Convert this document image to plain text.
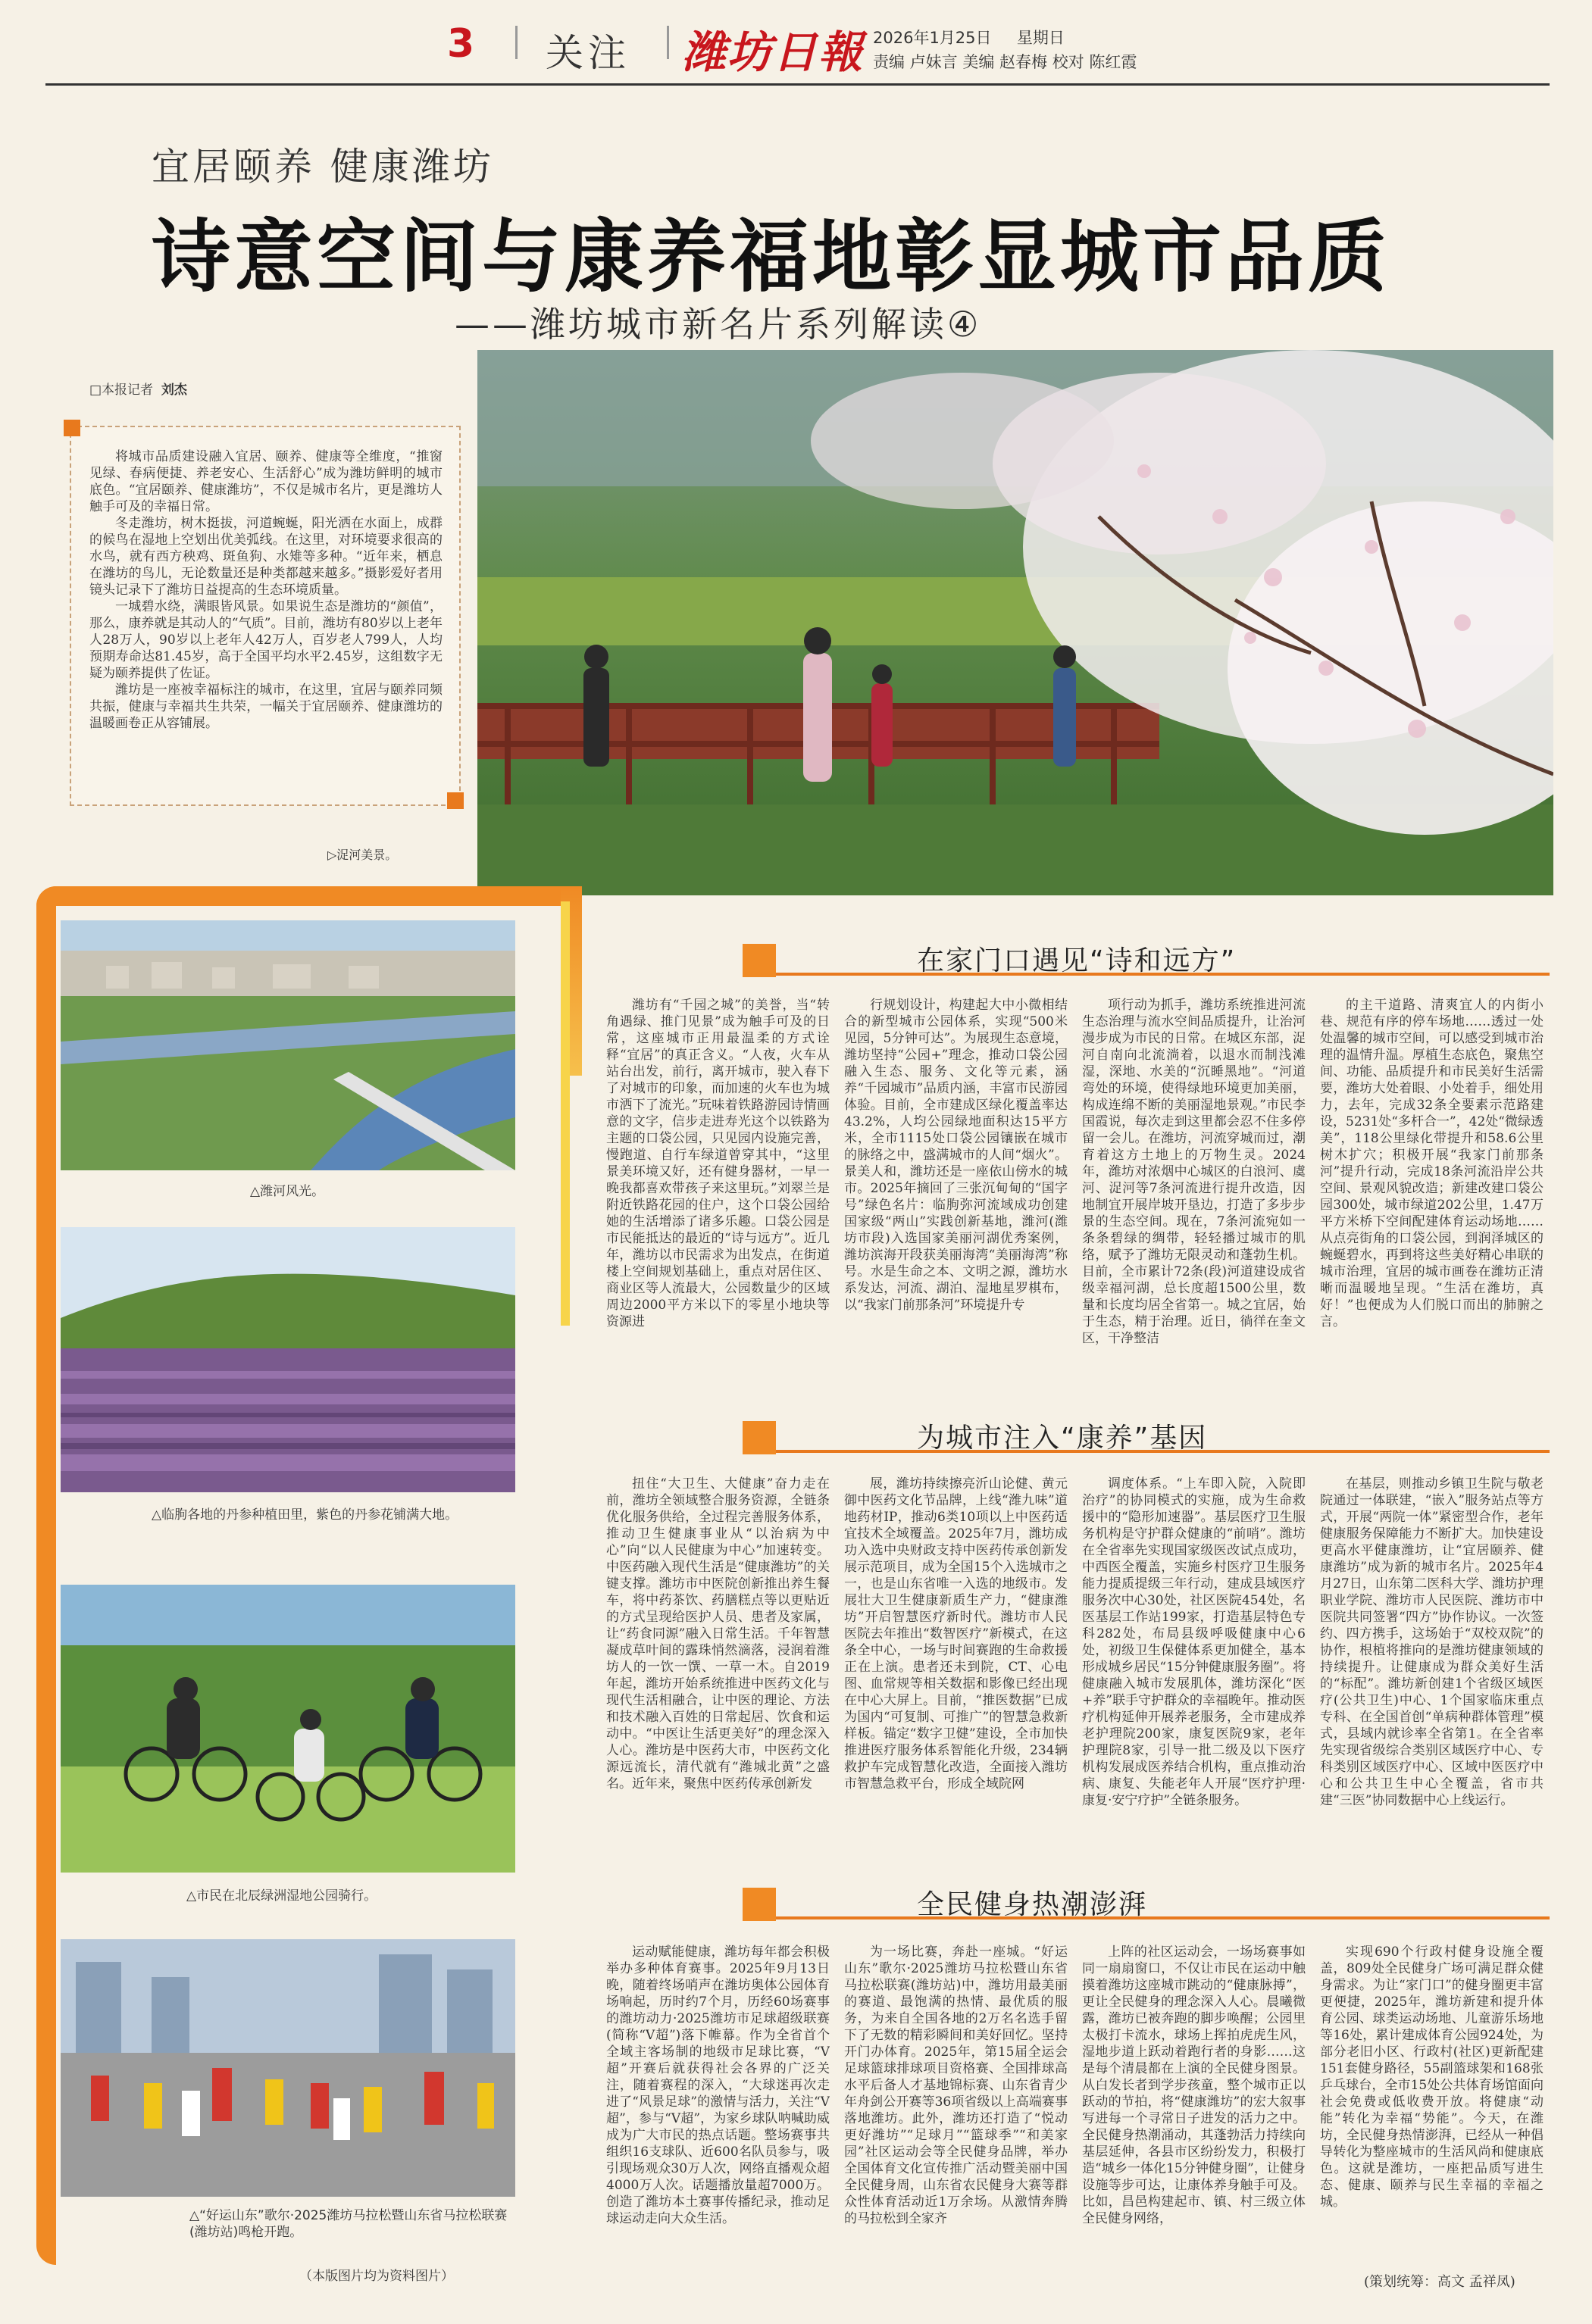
3 关注 潍坊日報 2026年1月25日 星期日
责编 卢妹言 美编 赵春梅 校对 陈红霞
宜居颐养 健康潍坊
诗意空间与康养福地彰显城市品质
——潍坊城市新名片系列解读④
□本报记者 刘杰

将城市品质建设融入宜居、颐养、健康等全维度，“推窗见绿、春病便捷、养老安心、生活舒心”成为潍坊鲜明的城市底色。“宜居颐养、健康潍坊”，不仅是城市名片，更是潍坊人触手可及的幸福日常。

冬走潍坊，树木挺拔，河道蜿蜒，阳光洒在水面上，成群的候鸟在湿地上空划出优美弧线。在这里，对环境要求很高的水鸟，就有西方秧鸡、斑鱼狗、水雉等多种。“近年来，栖息在潍坊的鸟儿，无论数量还是种类都越来越多。”摄影爱好者用镜头记录下了潍坊日益提高的生态环境质量。

一城碧水绕，满眼皆风景。如果说生态是潍坊的“颜值”，那么，康养就是其动人的“气质”。目前，潍坊有80岁以上老年人28万人，90岁以上老年人42万人，百岁老人799人，人均预期寿命达81.45岁，高于全国平均水平2.45岁，这组数字无疑为颐养提供了佐证。

潍坊是一座被幸福标注的城市，在这里，宜居与颐养同频共振，健康与幸福共生共荣，一幅关于宜居颐养、健康潍坊的温暖画卷正从容铺展。

▷浞河美景。
△潍河风光。
△临朐各地的丹参种植田里，紫色的丹参花铺满大地。
△市民在北辰绿洲湿地公园骑行。
△“好运山东”歌尔·2025潍坊马拉松暨山东省马拉松联赛(潍坊站)鸣枪开跑。
（本版图片均为资料图片）
在家门口遇见“诗和远方”

潍坊有“千园之城”的美誉，当“转角遇绿、推门见景”成为触手可及的日常，这座城市正用最温柔的方式诠释“宜居”的真正含义。“人夜，火车从站台出发，前行，离开城市，驶入春下了对城市的印象，而加速的火车也为城市洒下了流光。”玩味着铁路游园诗情画意的文字，信步走进寿光这个以铁路为主题的口袋公园，只见园内设施完善，慢跑道、自行车绿道曾穿其中，“这里景美环境又好，还有健身器材，一早一晚我都喜欢带孩子来这里玩。”刘翠兰是附近铁路花园的住户，这个口袋公园给她的生活增添了诸多乐趣。口袋公园是市民能抵达的最近的“诗与远方”。近几年，潍坊以市民需求为出发点，在街道楼上空间规划基础上，重点对居住区、商业区等人流最大，公园数量少的区域周边2000平方米以下的零星小地块等资源进

行规划设计，构建起大中小微相结合的新型城市公园体系，实现“500米见园，5分钟可达”。为展现生态意境，潍坊坚持“公园+”理念，推动口袋公园融入生态、服务、文化等元素，涵养“千园城市”品质内涵，丰富市民游园体验。目前，全市建成区绿化覆盖率达43.2%，人均公园绿地面积达15平方米，全市1115处口袋公园镶嵌在城市的脉络之中，盛满城市的人间“烟火”。景美人和，潍坊还是一座依山傍水的城市。2025年摘回了三张沉甸甸的“国字号”绿色名片：临朐弥河流域成功创建国家级“两山”实践创新基地，潍河(潍坊市段)入选国家美丽河湖优秀案例，潍坊滨海开段获美丽海湾“美丽海湾”称号。水是生命之本、文明之源，潍坊水系发达，河流、湖泊、湿地星罗棋布，以“我家门前那条河”环境提升专

项行动为抓手，潍坊系统推进河流生态治理与流水空间品质提升，让治河漫步成为市民的日常。在城区东部，浞河自南向北流淌着，以退水而制浅滩湿，深地、水美的“沉睡黑地”。“河道弯处的环境，使得绿地环境更加美丽，构成连绵不断的美丽湿地景观。”市民李国霞说，每次走到这里都会忍不住多停留一会儿。在潍坊，河流穿城而过，潮育着这方土地上的万物生灵。2024年，潍坊对浓烟中心城区的白浪河、虞河、浞河等7条河流进行提升改造，因地制宜开展岸坡开垦边，打造了多步步景的生态空间。现在，7条河流宛如一条条碧绿的绸带，轻轻播过城市的肌络，赋予了潍坊无限灵动和蓬勃生机。目前，全市累计72条(段)河道建设成省级幸福河湖，总长度超1500公里，数量和长度均居全省第一。城之宜居，始于生态，精于治理。近日，徜徉在奎文区，干净整洁

的主干道路、清爽宜人的内街小巷、规范有序的停车场地……透过一处处温馨的城市空间，可以感受到城市治理的温情升温。厚植生态底色，聚焦空间、功能、品质提升和市民美好生活需要，潍坊大处着眼、小处着手，细处用力，去年，完成32条全要素示范路建设，5231处“多杆合一”，42处“微绿透美”，118公里绿化带提升和58.6公里树木扩穴；积极开展“我家门前那条河”提升行动，完成18条河流沿岸公共空间、景观风貌改造；新建改建口袋公园300处，城市绿道202公里，1.47万平方米桥下空间配建体育运动场地……从点亮街角的口袋公园，到润泽城区的蜿蜒碧水，再到将这些美好精心串联的城市治理，宜居的城市画卷在潍坊正清晰而温暖地呈现。“生活在潍坊，真好！”也便成为人们脱口而出的肺腑之言。

为城市注入“康养”基因

扭住“大卫生、大健康”奋力走在前，潍坊全领域整合服务资源，全链条优化服务供给，全过程完善服务体系，推动卫生健康事业从“以治病为中心”向“以人民健康为中心”加速转变。中医药融入现代生活是“健康潍坊”的关键支撑。潍坊市中医院创新推出养生餐车，将中药茶饮、药膳糕点等以更贴近的方式呈现给医护人员、患者及家属，让“药食同源”融入日常生活。千年智慧凝成草叶间的露珠悄然滴落，浸润着潍坊人的一饮一馔、一草一木。自2019年起，潍坊开始系统推进中医药文化与现代生活相融合，让中医的理论、方法和技术融入百姓的日常起居、饮食和运动中。“中医让生活更美好”的理念深入人心。潍坊是中医药大市，中医药文化源远流长，清代就有“潍城北黄”之盛名。近年来，聚焦中医药传承创新发

展，潍坊持续擦亮沂山论健、黄元御中医药文化节品牌，上线“潍九味”道地药材IP，推动6类10项以上中医药适宜技术全域覆盖。2025年7月，潍坊成功入选中央财政支持中医药传承创新发展示范项目，成为全国15个入选城市之一，也是山东省唯一入选的地级市。发展壮大卫生健康新质生产力，“健康潍坊”开启智慧医疗新时代。潍坊市人民医院去年推出“数智医疗”新模式，在这条全中心，一场与时间赛跑的生命救援正在上演。患者还未到院，CT、心电图、血常规等相关数据和影像已经出现在中心大屏上。目前，“推医数据”已成为国内“可复制、可推广”的智慧急救新样板。锚定“数字卫健”建设，全市加快推进医疗服务体系智能化升级，234辆救护车完成智慧化改造，全面接入潍坊市智慧急救平台，形成全域院网

调度体系。“上车即入院，入院即治疗”的协同模式的实施，成为生命救援中的“隐形加速器”。基层医疗卫生服务机构是守护群众健康的“前哨”。潍坊在全省率先实现国家级医改试点成功，中西医全覆盖，实施乡村医疗卫生服务能力提质提级三年行动，建成县域医疗服务次中心30处，社区医院454处，名医基层工作站199家，打造基层特色专科282处，布局县级呼吸健康中心6处，初级卫生保健体系更加健全，基本形成城乡居民“15分钟健康服务圈”。将健康融入城市发展肌体，潍坊深化“医+养”联手守护群众的幸福晚年。推动医疗机构延伸开展养老服务，全市建成养老护理院200家，康复医院9家，老年护理院8家，引导一批二级及以下医疗机构发展成医养结合机构，重点推动治病、康复、失能老年人开展“医疗护理·康复·安宁疗护”全链条服务。

在基层，则推动乡镇卫生院与敬老院通过一体联建，“嵌入”服务站点等方式，开展“两院一体”紧密型合作，老年健康服务保障能力不断扩大。加快建设更高水平健康潍坊，让“宜居颐养、健康潍坊”成为新的城市名片。2025年4月27日，山东第二医科大学、潍坊护理职业学院、潍坊市人民医院、潍坊市中医院共同签署“四方”协作协议。一次签约、四方携手，这场始于“双校双院”的协作，根植将推向的是潍坊健康领域的持续提升。让健康成为群众美好生活的“标配”。潍坊新创建1个省级区域医疗(公共卫生)中心、1个国家临床重点专科、在全国首创“单病种群体管理”模式，县域内就诊率全省第1。在全省率先实现省级综合类别区域医疗中心、专科类别区域医疗中心、区域中医医疗中心和公共卫生中心全覆盖，省市共建“三医”协同数据中心上线运行。

全民健身热潮澎湃

运动赋能健康，潍坊每年都会积极举办多种体育赛事。2025年9月13日晚，随着终场哨声在潍坊奥体公园体育场响起，历时约7个月，历经60场赛事的潍坊动力·2025潍坊市足球超级联赛(简称“V超”)落下帷幕。作为全省首个全域主客场制的地级市足球比赛，“V超”开赛后就获得社会各界的广泛关注，随着赛程的深入，“大球迷再次走进了“风景足球”的激情与活力，关注“V超”，参与“V超”，为家乡球队呐喊助威成为广大市民的热点话题。整场赛事共组织16支球队、近600名队员参与，吸引现场观众30万人次，网络直播观众超4000万人次。话题播放量超7000万。创造了潍坊本土赛事传播纪录，推动足球运动走向大众生活。

为一场比赛，奔赴一座城。“好运山东”歌尔·2025潍坊马拉松暨山东省马拉松联赛(潍坊站)中，潍坊用最美丽的赛道、最饱满的热情、最优质的服务，为来自全国各地的2万名名选手留下了无数的精彩瞬间和美好回忆。坚持开门办体育。2025年，第15届全运会足球篮球排球项目资格赛、全国排球高水平后备人才基地锦标赛、山东省青少年舟剑公开赛等36项省级以上高端赛事落地潍坊。此外，潍坊还打造了“悦动更好潍坊”“足球月”“篮球季”“和美家园”社区运动会等全民健身品牌，举办全国体育文化宣传推广活动暨美丽中国全民健身周，山东省农民健身大赛等群众性体育活动近1万余场。从激情奔腾的马拉松到全家齐

上阵的社区运动会，一场场赛事如同一扇扇窗口，不仅让市民在运动中触摸着潍坊这座城市跳动的“健康脉搏”，更让全民健身的理念深入人心。晨曦微露，潍坊已被奔跑的脚步唤醒；公园里太极打卡流水，球场上挥拍虎虎生风，湿地步道上跃动着跑行者的身影……这是每个清晨都在上演的全民健身图景。从白发长者到学步孩童，整个城市正以跃动的节拍，将“健康潍坊”的宏大叙事写进每一个寻常日子进发的活力之中。全民健身热潮涌动，其蓬勃活力持续向基层延伸，各县市区纷纷发力，积极打造“城乡一体化15分钟健身圈”，让健身设施等步可达，让康体养身触手可及。比如，昌邑构建起市、镇、村三级立体全民健身网络，

实现690个行政村健身设施全覆盖，809处全民健身广场可满足群众健身需求。为让“家门口”的健身圈更丰富更便捷，2025年，潍坊新建和提升体育公园、球类运动场地、儿童游乐场地等16处，累计建成体育公园924处，为部分老旧小区、行政村(社区)更新配建151套健身路径，55副篮球架和168张乒乓球台，全市15处公共体育场馆面向社会免费或低收费开放。将健康“动能”转化为幸福“势能”。今天，在潍坊，全民健身热情澎湃，已经从一种倡导转化为整座城市的生活风尚和健康底色。这就是潍坊，一座把品质写进生态、健康、颐养与民生幸福的幸福之城。

(策划统筹：高文 孟祥凤)
